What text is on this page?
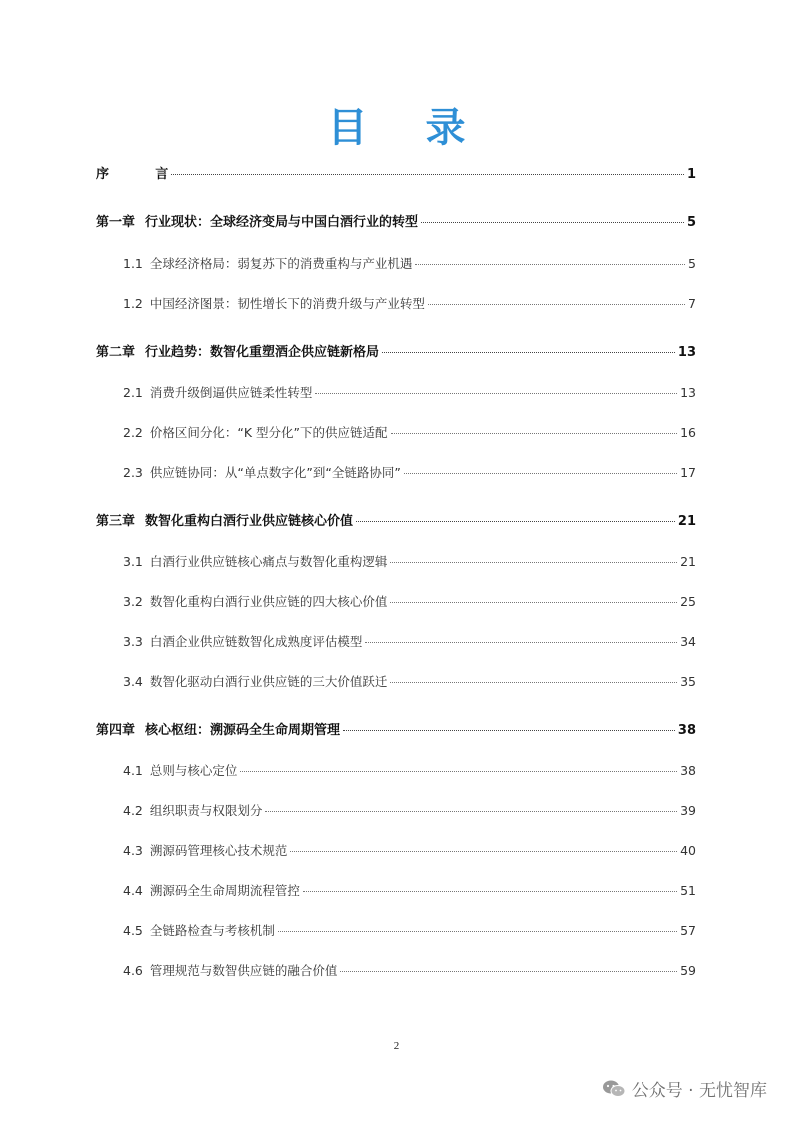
目 录
序 言	1
第一章 行业现状：全球经济变局与中国白酒行业的转型	5
1.1 全球经济格局：弱复苏下的消费重构与产业机遇	5
1.2 中国经济图景：韧性增长下的消费升级与产业转型	7
第二章 行业趋势：数智化重塑酒企供应链新格局	13
2.1 消费升级倒逼供应链柔性转型	13
2.2 价格区间分化：“K 型分化”下的供应链适配	16
2.3 供应链协同：从“单点数字化”到“全链路协同”	17
第三章 数智化重构白酒行业供应链核心价值	21
3.1 白酒行业供应链核心痛点与数智化重构逻辑	21
3.2 数智化重构白酒行业供应链的四大核心价值	25
3.3 白酒企业供应链数智化成熟度评估模型	34
3.4 数智化驱动白酒行业供应链的三大价值跃迁	35
第四章 核心枢纽：溯源码全生命周期管理	38
4.1 总则与核心定位	38
4.2 组织职责与权限划分	39
4.3 溯源码管理核心技术规范	40
4.4 溯源码全生命周期流程管控	51
4.5 全链路检查与考核机制	57
4.6 管理规范与数智供应链的融合价值	59
2
公众号 · 无忧智库
